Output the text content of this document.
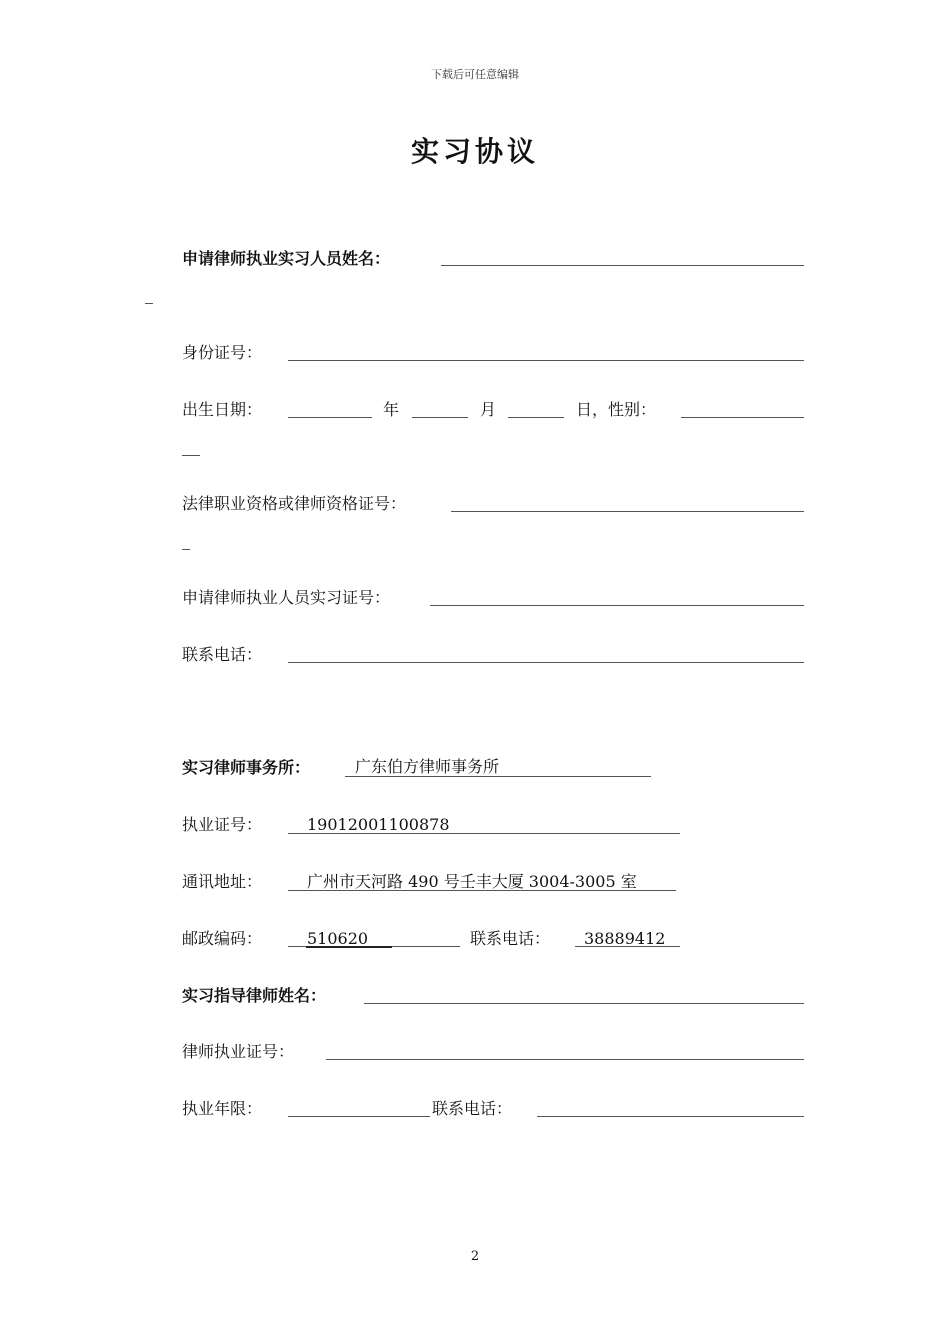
下载后可任意编辑
实习协议
申请律师执业实习人员姓名：
身份证号：
出生日期：	年	月	日，性别：
法律职业资格或律师资格证号：
申请律师执业人员实习证号：
联系电话：
实习律师事务所：	广东伯方律师事务所
执业证号：	19012001100878
通讯地址：	广州市天河路 490 号壬丰大厦 3004-3005 室
邮政编码：	510620	联系电话： 38889412
实习指导律师姓名：
律师执业证号：
执业年限：	联系电话：
2
